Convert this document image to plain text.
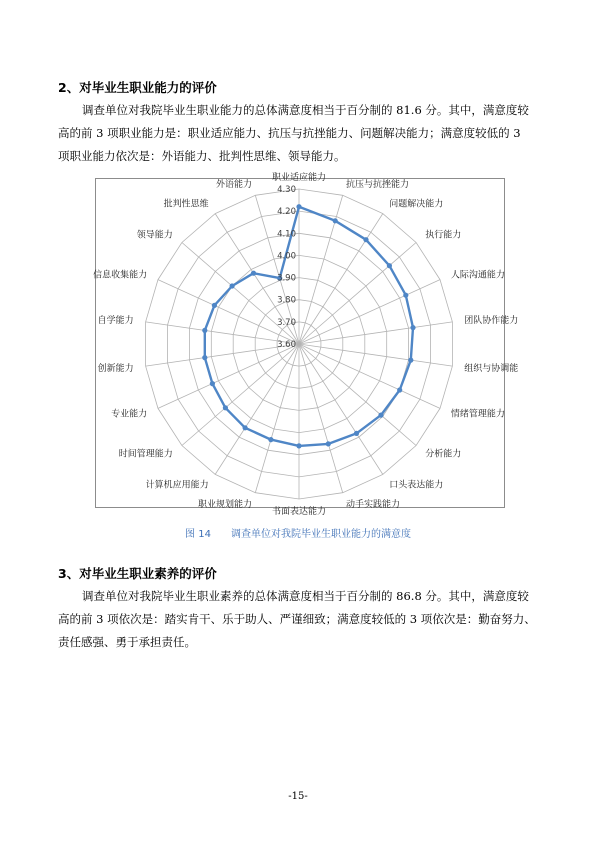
2、对毕业生职业能力的评价
调查单位对我院毕业生职业能力的总体满意度相当于百分制的 81.6 分。其中，满意度较
高的前 3 项职业能力是：职业适应能力、抗压与抗挫能力、问题解决能力；满意度较低的 3
项职业能力依次是：外语能力、批判性思维、领导能力。
3.60
3.70
3.80
3.90
4.00
4.10
4.20
4.30
职业适应能力
抗压与抗挫能力
问题解决能力
执行能力
人际沟通能力
团队协作能力
组织与协调能
情绪管理能力
分析能力
口头表达能力
动手实践能力
书面表达能力
职业规划能力
计算机应用能力
时间管理能力
专业能力
创新能力
自学能力
信息收集能力
领导能力
批判性思维
外语能力
图 14 调查单位对我院毕业生职业能力的满意度
3、对毕业生职业素养的评价
调查单位对我院毕业生职业素养的总体满意度相当于百分制的 86.8 分。其中，满意度较
高的前 3 项依次是：踏实肯干、乐于助人、严谨细致；满意度较低的 3 项依次是：勤奋努力、
责任感强、勇于承担责任。
-15-
